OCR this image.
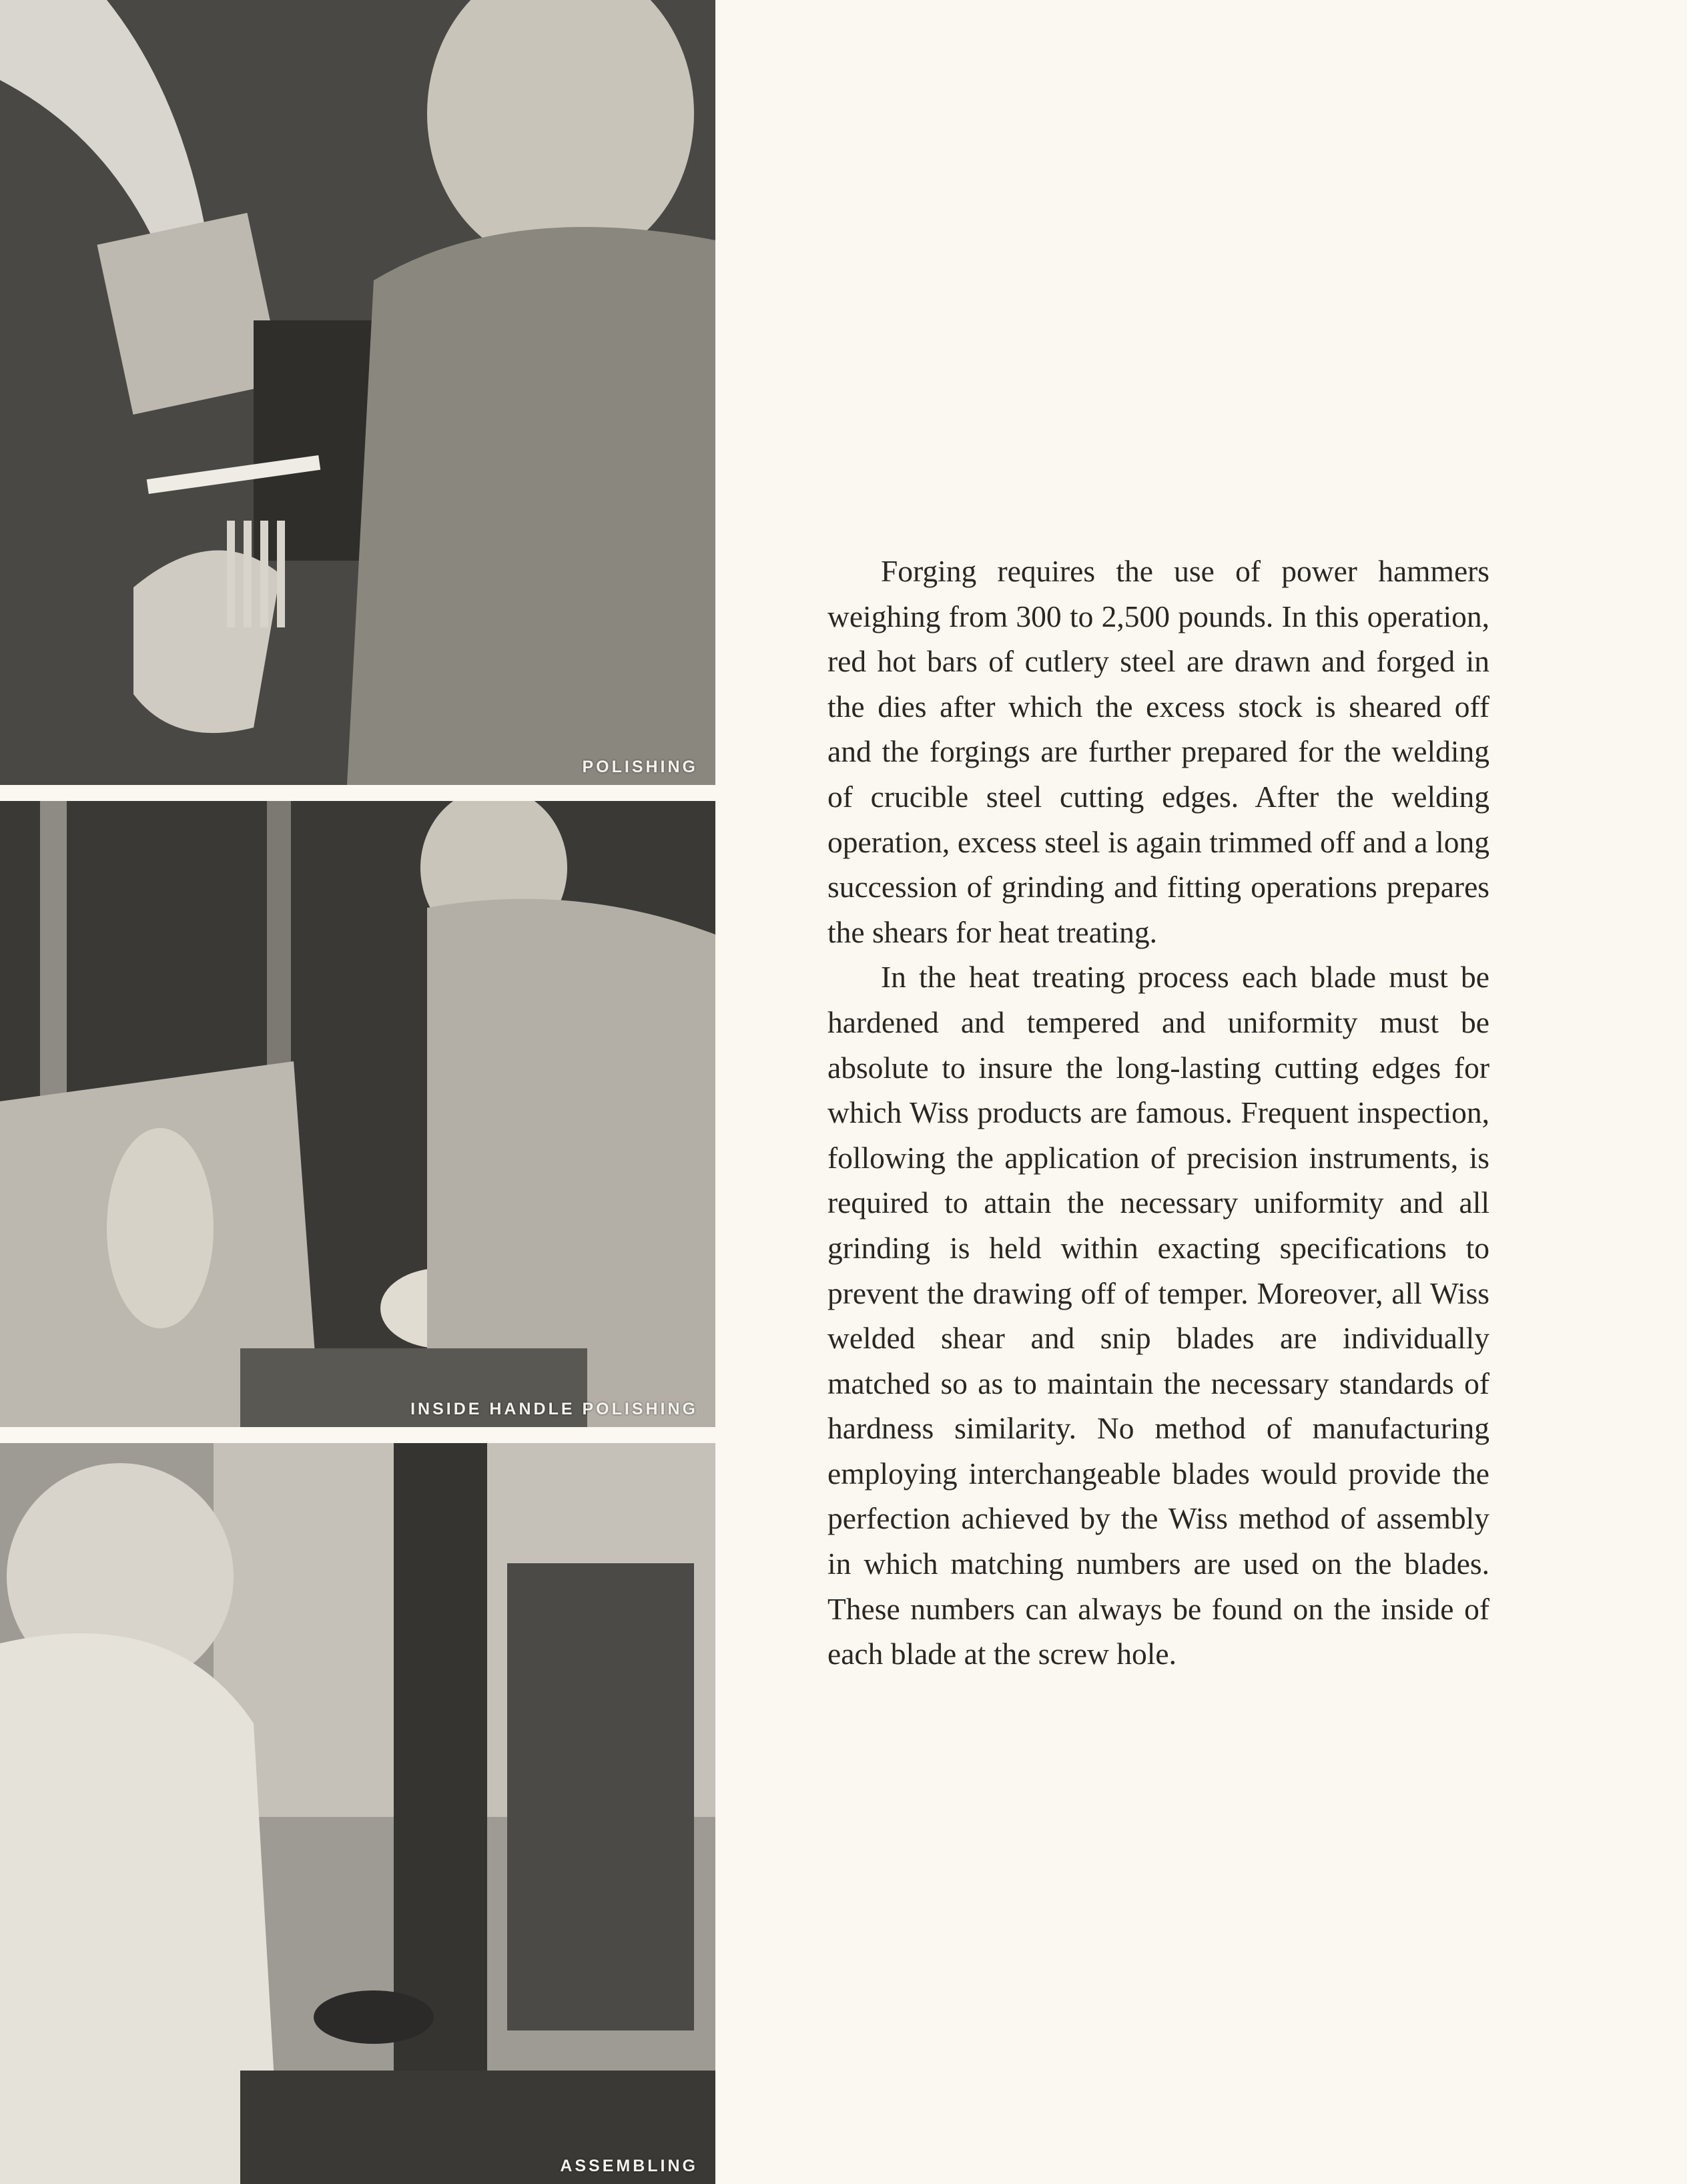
POLISHING
INSIDE HANDLE POLISHING
ASSEMBLING

Forging requires the use of power hammers weighing from 300 to 2,500 pounds. In this operation, red hot bars of cutlery steel are drawn and forged in the dies after which the excess stock is sheared off and the forgings are further prepared for the welding of crucible steel cutting edges. After the welding operation, excess steel is again trimmed off and a long succession of grinding and fitting operations prepares the shears for heat treating.

In the heat treating process each blade must be hardened and tempered and uniformity must be absolute to insure the long-lasting cutting edges for which Wiss products are famous. Frequent inspection, following the application of precision instruments, is required to attain the necessary uniformity and all grinding is held within exacting specifications to prevent the drawing off of temper. Moreover, all Wiss welded shear and snip blades are individually matched so as to maintain the necessary standards of hardness similarity. No method of manufacturing employing interchangeable blades would provide the perfection achieved by the Wiss method of assembly in which matching numbers are used on the blades. These numbers can always be found on the inside of each blade at the screw hole.
